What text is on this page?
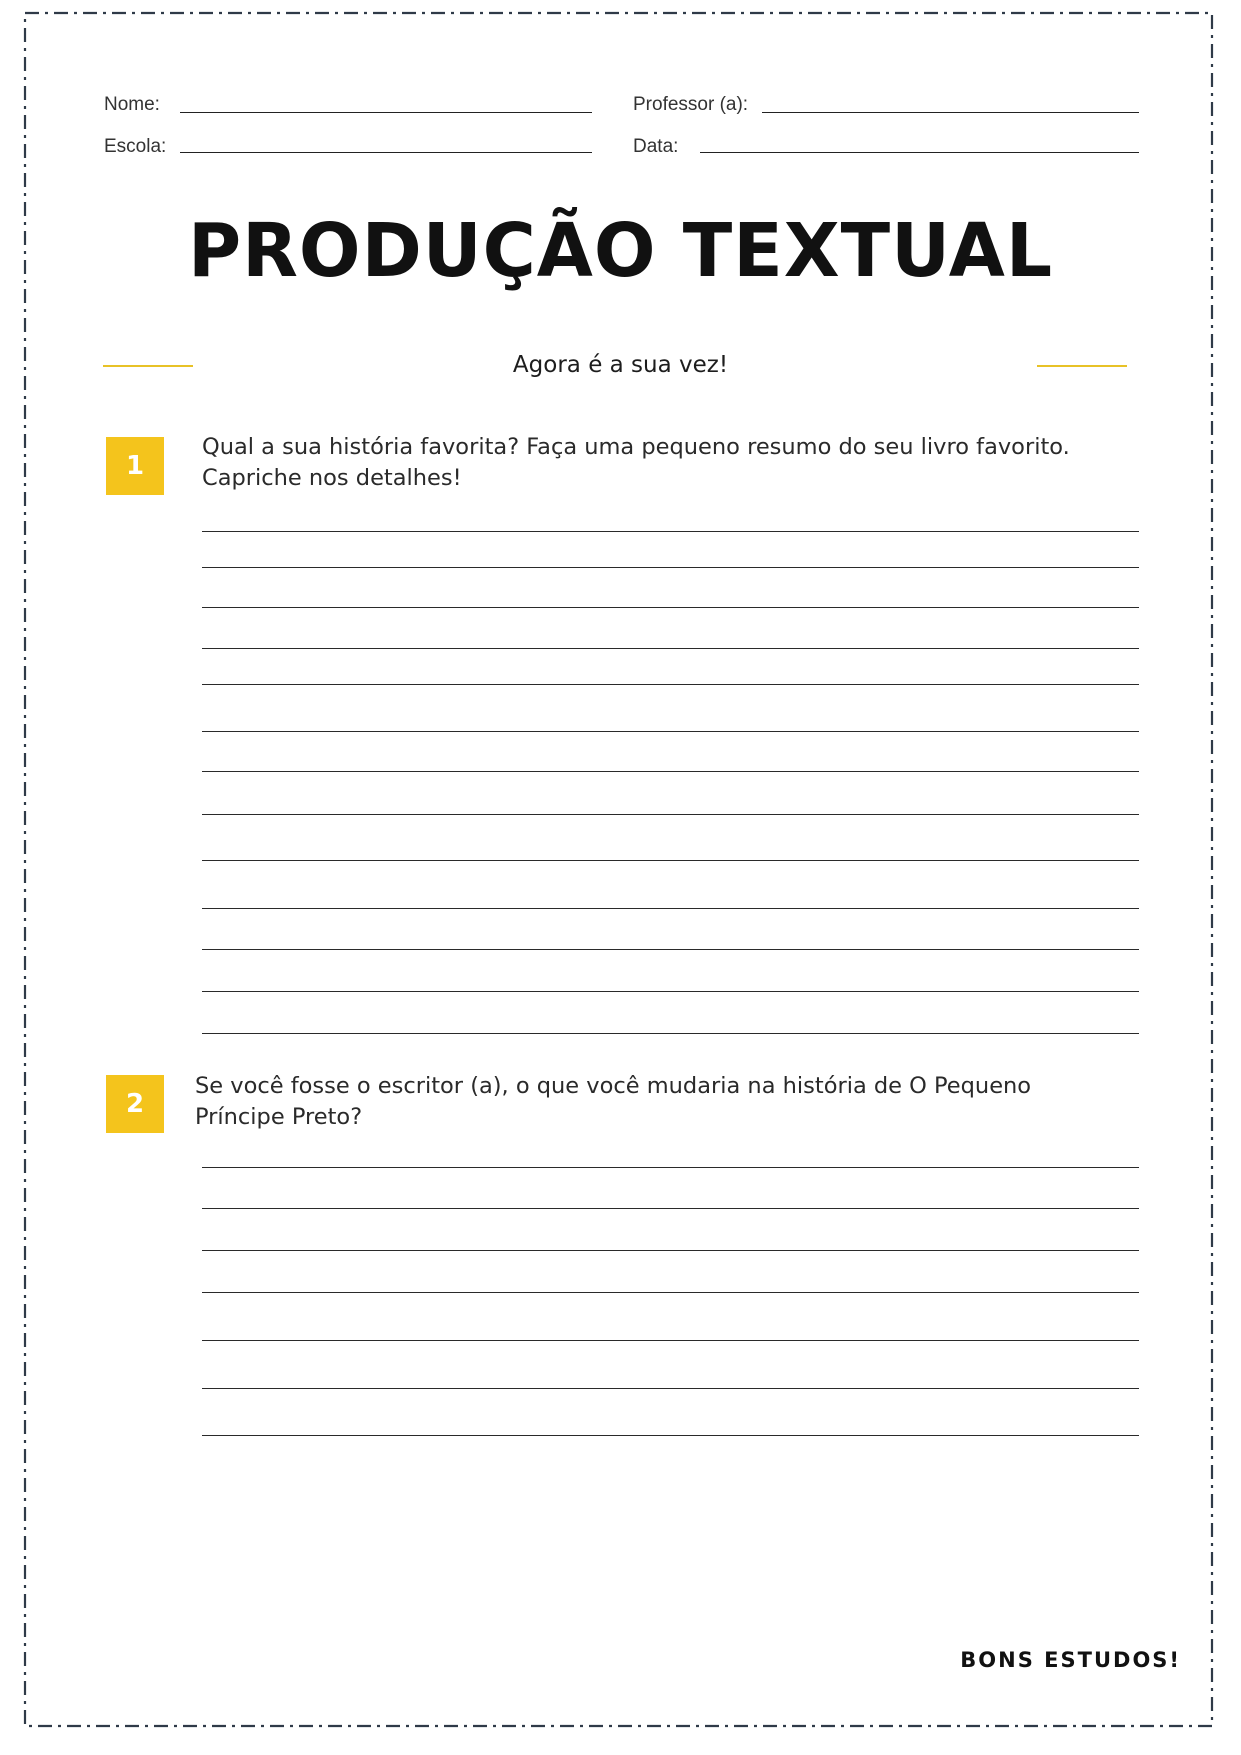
Nome:
Escola:
Professor (a):
Data:
PRODUÇÃO TEXTUAL
Agora é a sua vez!
1
Qual a sua história favorita? Faça uma pequeno resumo do seu livro favorito.
Capriche nos detalhes!
2
Se você fosse o escritor (a), o que você mudaria na história de O Pequeno
Príncipe Preto?
BONS ESTUDOS!
